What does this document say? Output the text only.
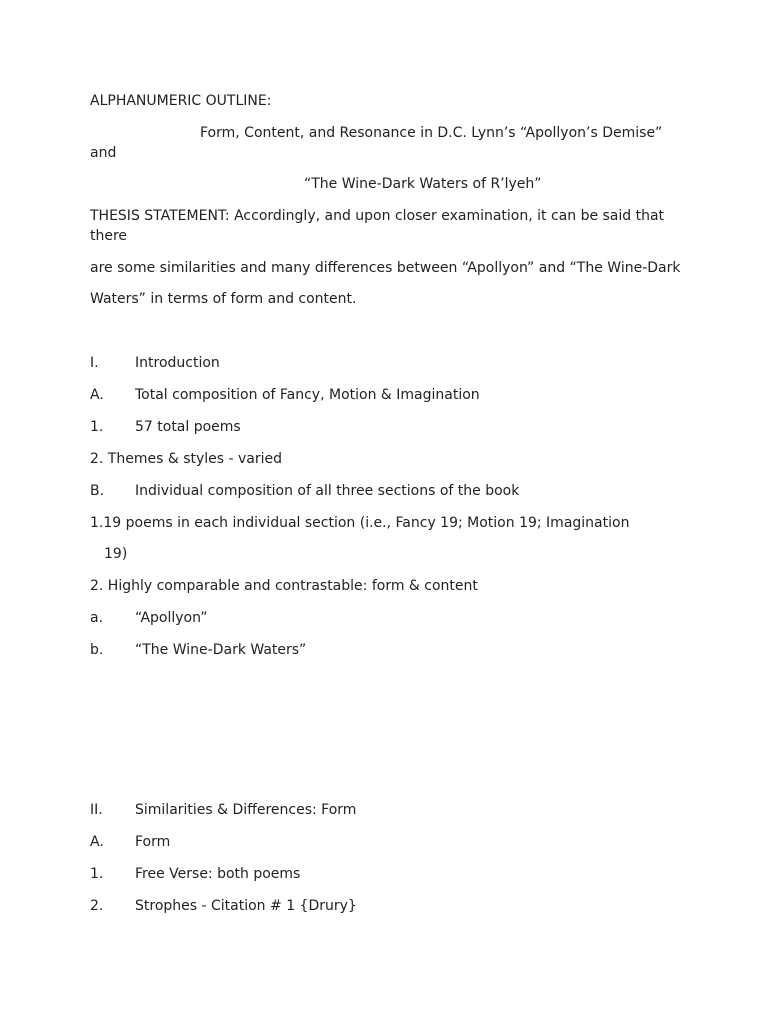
ALPHANUMERIC OUTLINE:
Form, Content, and Resonance in D.C. Lynn’s “Apollyon’s Demise”
and
“The Wine-Dark Waters of R’lyeh”
THESIS STATEMENT: Accordingly, and upon closer examination, it can be said that there
are some similarities and many differences between “Apollyon” and “The Wine-Dark
Waters” in terms of form and content.
I.	Introduction
A. Total composition of Fancy, Motion & Imagination
1. 57 total poems
2. Themes & styles - varied
B. Individual composition of all three sections of the book
1.19 poems in each individual section (i.e., Fancy 19; Motion 19; Imagination
19)
2. Highly comparable and contrastable: form & content
a. “Apollyon”
b. “The Wine-Dark Waters”
II. Similarities & Differences: Form
A. Form
1. Free Verse: both poems
2. Strophes - Citation # 1 {Drury}
